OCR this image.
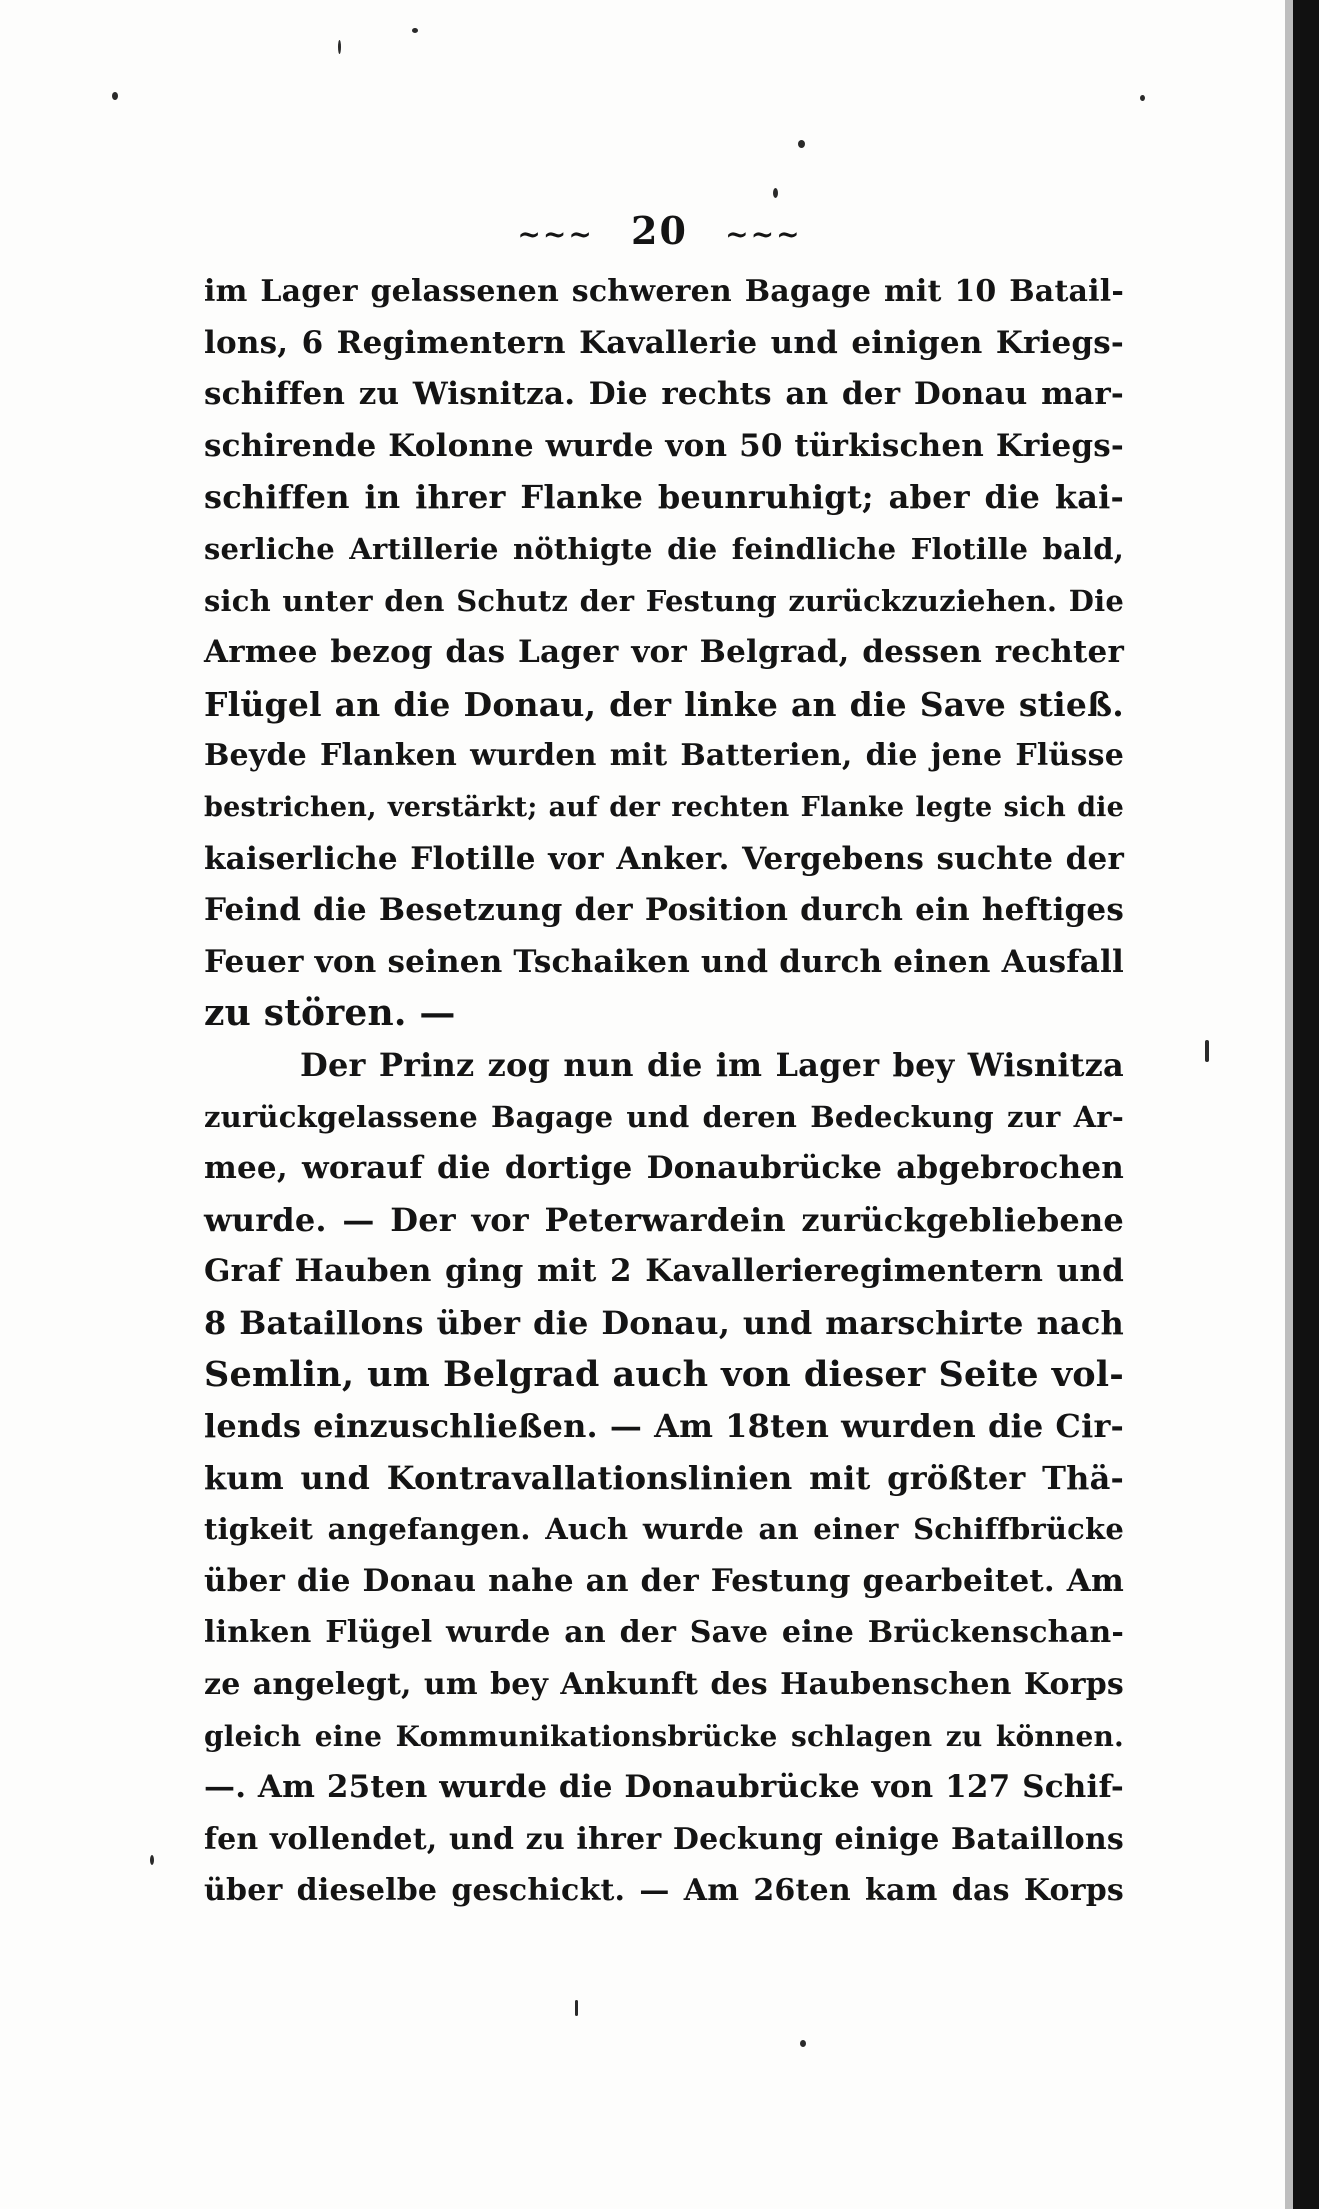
~~~ 20 ~~~
im Lager gelassenen schweren Bagage mit 10 Batail-
lons, 6 Regimentern Kavallerie und einigen Kriegs-
schiffen zu Wisnitza. Die rechts an der Donau mar-
schirende Kolonne wurde von 50 türkischen Kriegs-
schiffen in ihrer Flanke beunruhigt; aber die kai-
serliche Artillerie nöthigte die feindliche Flotille bald,
sich unter den Schutz der Festung zurückzuziehen. Die
Armee bezog das Lager vor Belgrad, dessen rechter
Flügel an die Donau, der linke an die Save stieß.
Beyde Flanken wurden mit Batterien, die jene Flüsse
bestrichen, verstärkt; auf der rechten Flanke legte sich die
kaiserliche Flotille vor Anker. Vergebens suchte der
Feind die Besetzung der Position durch ein heftiges
Feuer von seinen Tschaiken und durch einen Ausfall
zu stören. —
Der Prinz zog nun die im Lager bey Wisnitza
zurückgelassene Bagage und deren Bedeckung zur Ar-
mee, worauf die dortige Donaubrücke abgebrochen
wurde. — Der vor Peterwardein zurückgebliebene
Graf Hauben ging mit 2 Kavallerieregimentern und
8 Bataillons über die Donau, und marschirte nach
Semlin, um Belgrad auch von dieser Seite vol-
lends einzuschließen. — Am 18ten wurden die Cir-
kum und Kontravallationslinien mit größter Thä-
tigkeit angefangen. Auch wurde an einer Schiffbrücke
über die Donau nahe an der Festung gearbeitet. Am
linken Flügel wurde an der Save eine Brückenschan-
ze angelegt, um bey Ankunft des Haubenschen Korps
gleich eine Kommunikationsbrücke schlagen zu können.
—. Am 25ten wurde die Donaubrücke von 127 Schif-
fen vollendet, und zu ihrer Deckung einige Bataillons
über dieselbe geschickt. — Am 26ten kam das Korps
